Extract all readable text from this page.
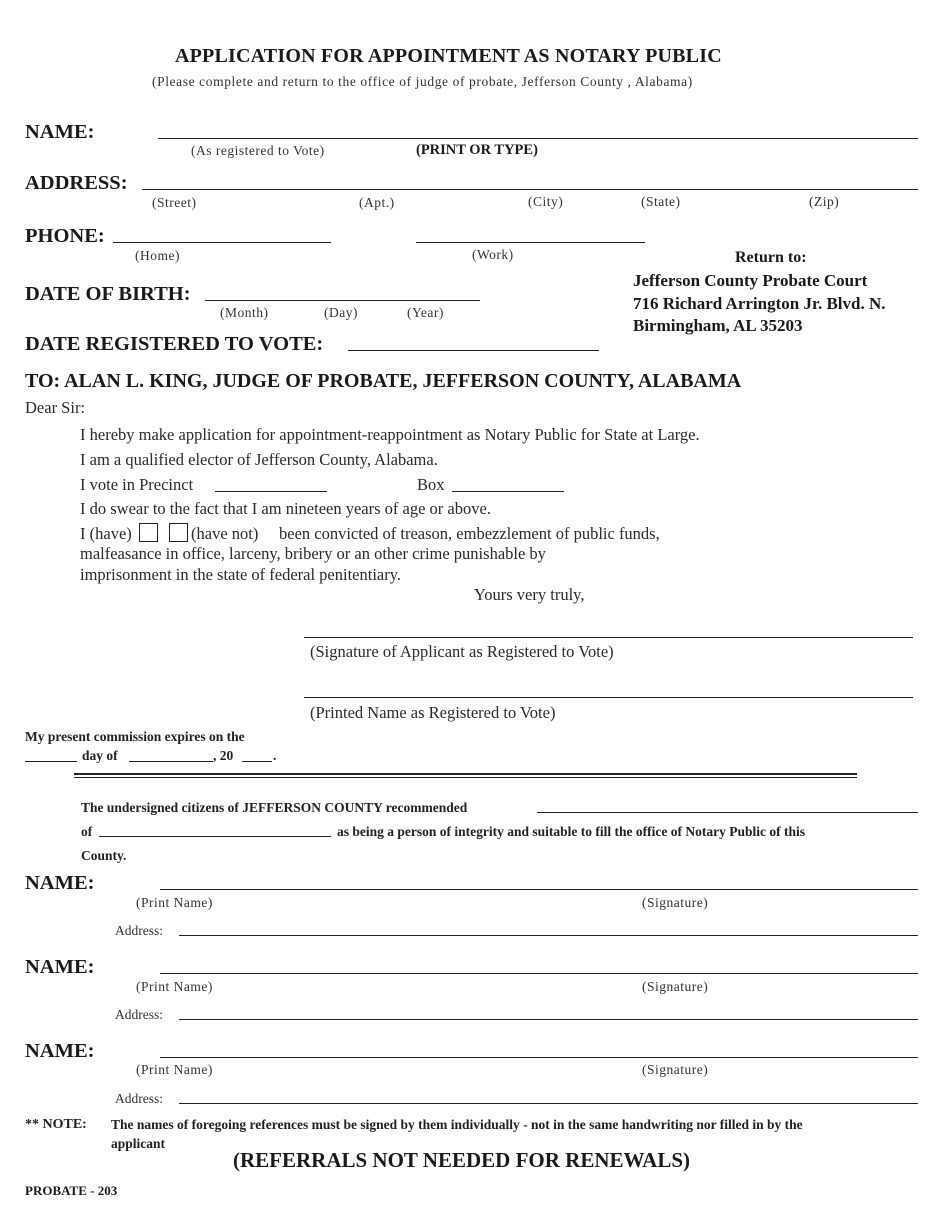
APPLICATION FOR APPOINTMENT AS NOTARY PUBLIC
(Please complete and return to the office of judge of probate, Jefferson County , Alabama)
NAME:
(As registered to Vote)	(PRINT OR TYPE)
ADDRESS:
(Street)	(Apt.)	(City)	(State)	(Zip)
PHONE:
(Home)	(Work)	Return to:
Jefferson County Probate Court
716 Richard Arrington Jr. Blvd. N.
Birmingham, AL 35203
DATE OF BIRTH:
(Month)	(Day)	(Year)
DATE REGISTERED TO VOTE:
TO: ALAN L. KING, JUDGE OF PROBATE, JEFFERSON COUNTY, ALABAMA
Dear Sir:
I hereby make application for appointment-reappointment as Notary Public for State at Large.
I am a qualified elector of Jefferson County, Alabama.
I vote in Precinct	Box
I do swear to the fact that I am nineteen years of age or above.
I (have)	(have not) been convicted of treason, embezzlement of public funds,
malfeasance in office, larceny, bribery or an other crime punishable by
imprisonment in the state of federal penitentiary.
Yours very truly,
(Signature of Applicant as Registered to Vote)
(Printed Name as Registered to Vote)
My present commission expires on the
day of	, 20	.
The undersigned citizens of JEFFERSON COUNTY recommended
of	as being a person of integrity and suitable to fill the office of Notary Public of this
County.
NAME:
(Print Name)	(Signature)
Address:
NAME:
(Print Name)	(Signature)
Address:
NAME:
(Print Name)	(Signature)
Address:
** NOTE: The names of foregoing references must be signed by them individually - not in the same handwriting nor filled in by the
applicant
(REFERRALS NOT NEEDED FOR RENEWALS)
PROBATE - 203
